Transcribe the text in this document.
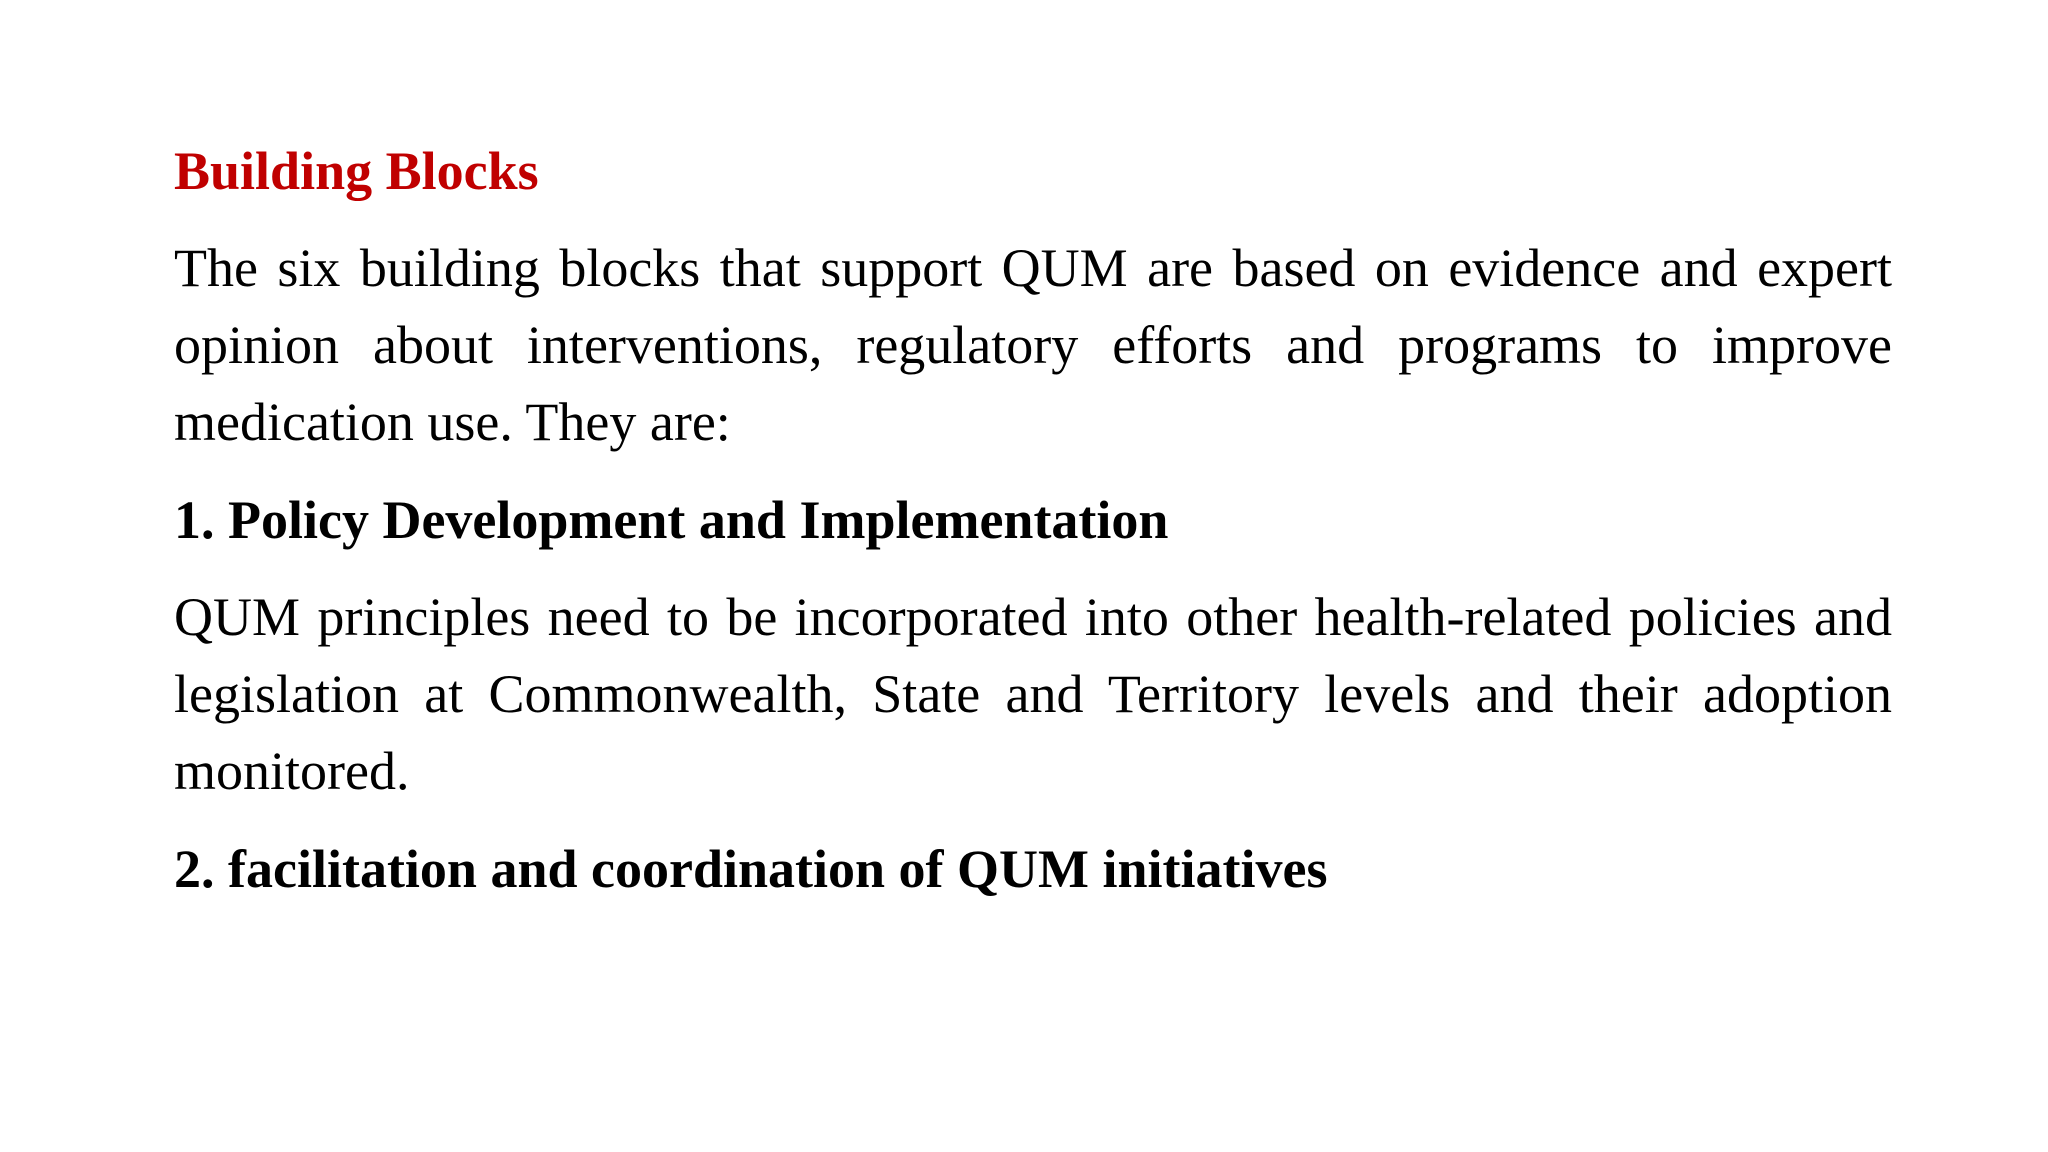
Building Blocks

The six building blocks that support QUM are based on evidence and expert opinion about interventions, regulatory efforts and programs to improve medication use. They are:

1. Policy Development and Implementation

QUM principles need to be incorporated into other health-related policies and legislation at Commonwealth, State and Territory levels and their adoption monitored.

2. facilitation and coordination of QUM initiatives
